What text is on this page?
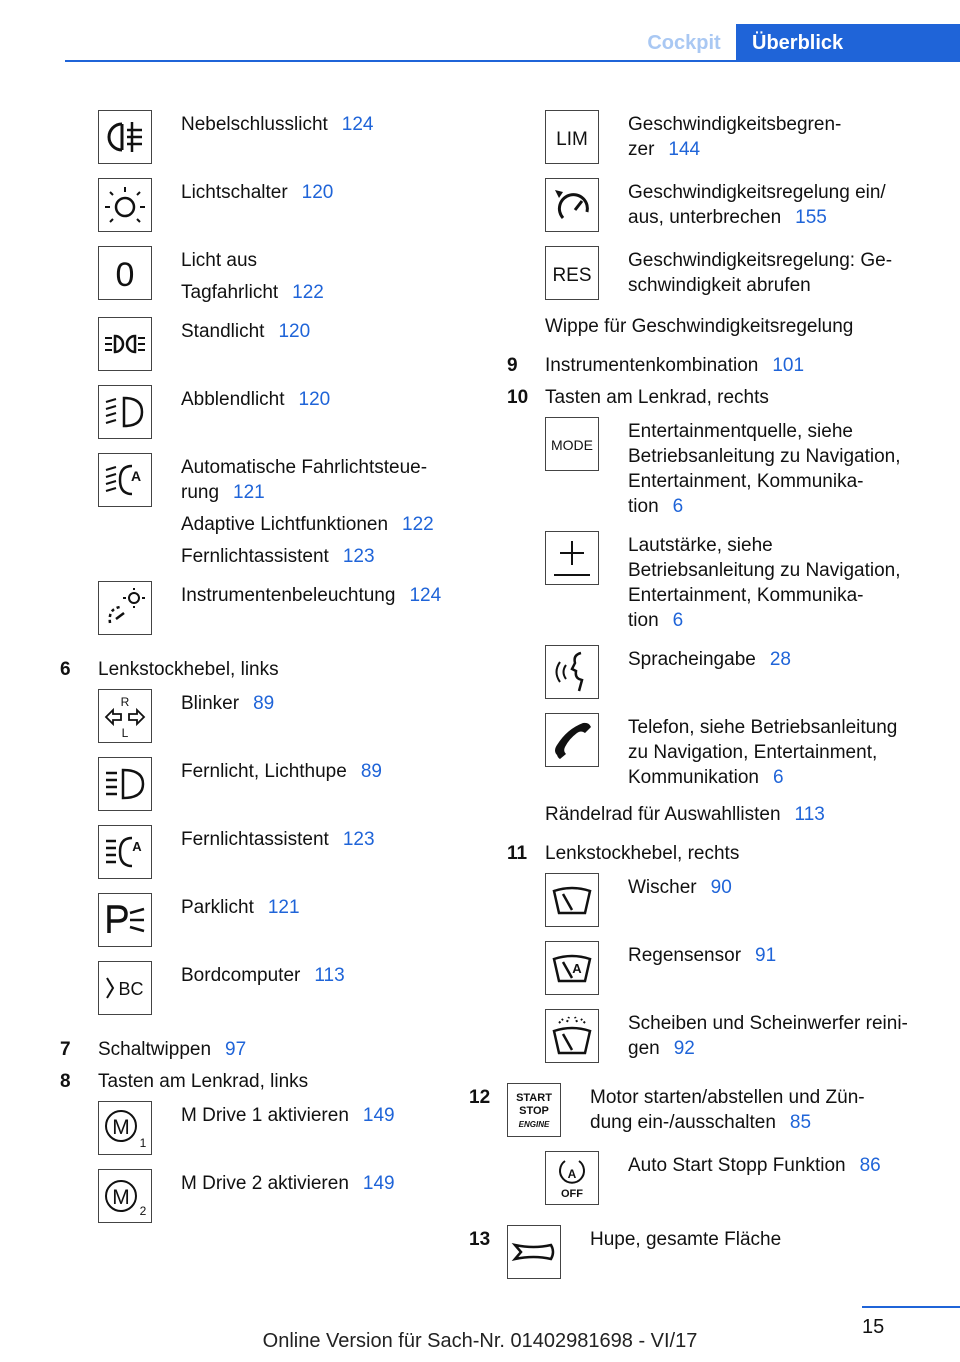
Cockpit	Überblick
Nebelschlusslicht 124
Lichtschalter 120
0 Licht aus
Tagfahrlicht 122
Standlicht 120
Abblendlicht 120
A Automatische Fahrlichtsteue-
rung 121
Adaptive Lichtfunktionen 122
Fernlichtassistent 123
Instrumentenbeleuchtung 124
6	Lenkstockhebel, links
R
L
Blinker 89
Fernlicht, Lichthupe 89
A Fernlichtassistent 123
Parklicht 121
BC
Bordcomputer 113
7	Schaltwippen 97
8	Tasten am Lenkrad, links
M
1
M Drive 1 aktivieren 149
M
2
M Drive 2 aktivieren 149
LIM
Geschwindigkeitsbegren-
zer 144
Geschwindigkeitsregelung ein/
aus, unterbrechen 155
RES
Geschwindigkeitsregelung: Ge-
schwindigkeit abrufen
Wippe für Geschwindigkeitsregelung
9	Instrumentenkombination 101
10 Tasten am Lenkrad, rechts
MODE
Entertainmentquelle, siehe
Betriebsanleitung zu Navigation,
Entertainment, Kommunika-
tion 6
Lautstärke, siehe
Betriebsanleitung zu Navigation,
Entertainment, Kommunika-
tion 6
Spracheingabe 28
Telefon, siehe Betriebsanleitung
zu Navigation, Entertainment,
Kommunikation 6
Rändelrad für Auswahllisten 113
11 Lenkstockhebel, rechts
Wischer 90
A
Regensensor 91
Scheiben und Scheinwerfer reini-
gen 92
12	START
STOP
ENGINE
Motor starten/abstellen und Zün-
dung ein-/ausschalten 85
A
OFF
Auto Start Stopp Funktion 86
13	Hupe, gesamte Fläche
15
Online Version für Sach-Nr. 01402981698 - VI/17
